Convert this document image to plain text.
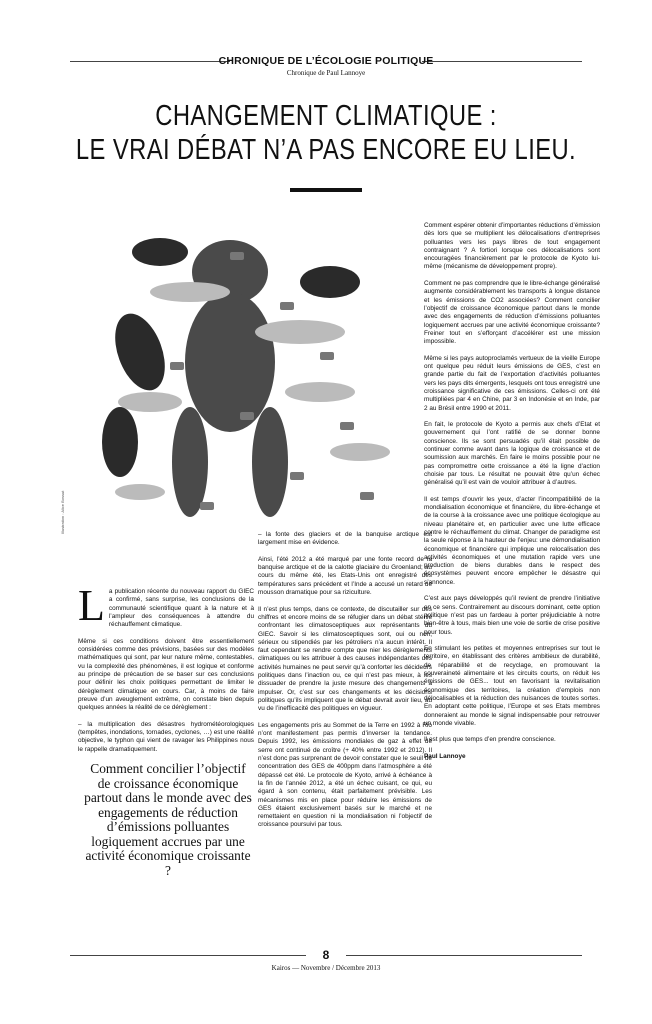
CHRONIQUE DE L’ÉCOLOGIE POLITIQUE
Chronique de Paul Lannoye
CHANGEMENT CLIMATIQUE :
LE VRAI DÉBAT N’A PAS ENCORE EU LIEU.
Illustration : Alice Bossut

La publication récente du nouveau rapport du GIEC a confirmé, sans surprise, les conclusions de la communauté scientifique quant à la nature et à l’ampleur des conséquences à attendre du réchauffement climatique.

Même si ces conditions doivent être essentiellement considérées comme des prévisions, basées sur des modèles mathématiques qui sont, par leur nature même, contestables, vu la complexité des phénomènes, il est logique et conforme au principe de précaution de se baser sur ces conclusions pour définir les choix politiques permettant de limiter le dérèglement climatique en cours. Car, à moins de faire preuve d’un aveuglement extrême, on constate bien depuis quelques années la réalité de ce dérèglement :

– la multiplication des désastres hydrométéorologiques (tempêtes, inondations, tornades, cyclones, …) est une réalité objective, le typhon qui vient de ravager les Philippines nous le rappelle dramatiquement.

Comment concilier l’objectif de croissance économique partout dans le monde avec des engagements de réduction d’émissions polluantes logiquement accrues par une activité économique croissante ?

– la fonte des glaciers et de la banquise arctique est largement mise en évidence.

Ainsi, l’été 2012 a été marqué par une fonte record de la banquise arctique et de la calotte glaciaire du Groenland; au cours du même été, les Etats-Unis ont enregistré des températures sans précédent et l’Inde a accusé un retard de mousson dramatique pour sa riziculture.

Il n’est plus temps, dans ce contexte, de discutailler sur des chiffres et encore moins de se réfugier dans un débat stérile confrontant les climatosceptiques aux représentants du GIEC. Savoir si les climatosceptiques sont, oui ou non, sérieux ou stipendiés par les pétroliers n’a aucun intérêt. Il faut cependant se rendre compte que nier les dérèglements climatiques ou les attribuer à des causes indépendantes des activités humaines ne peut servir qu’à conforter les décideurs politiques dans l’inaction ou, ce qui n’est pas mieux, à les dissuader de prendre la juste mesure des changements à impulser. Or, c’est sur ces changements et les décisions politiques qu’ils impliquent que le débat devrait avoir lieu, au vu de l’inefficacité des politiques en vigueur.

Les engagements pris au Sommet de la Terre en 1992 à Rio n’ont manifestement pas permis d’inverser la tendance. Depuis 1992, les émissions mondiales de gaz à effet de serre ont continué de croître (+ 40% entre 1992 et 2012). Il n’est donc pas surprenant de devoir constater que le seuil de concentration des GES de 400ppm dans l’atmosphère a été dépassé cet été. Le protocole de Kyoto, arrivé à échéance à la fin de l’année 2012, a été un échec cuisant, ce qui, eu égard à son contenu, était parfaitement prévisible. Les mécanismes mis en place pour réduire les émissions de GES étaient exclusivement basés sur le marché et ne remettaient en question ni la mondialisation ni l’objectif de croissance poursuivi par tous.

Comment espérer obtenir d’importantes réductions d’émission dès lors que se multiplient les délocalisations d’entreprises polluantes vers les pays libres de tout engagement contraignant ? A fortiori lorsque ces délocalisations sont encouragées financièrement par le protocole de Kyoto lui-même (mécanisme de développement propre).

Comment ne pas comprendre que le libre-échange généralisé augmente considérablement les transports à longue distance et les émissions de CO2 associées? Comment concilier l’objectif de croissance économique partout dans le monde avec des engagements de réduction d’émissions polluantes logiquement accrues par une activité économique croissante? Freiner tout en s’efforçant d’accélérer est une mission impossible.

Même si les pays autoproclamés vertueux de la vieille Europe ont quelque peu réduit leurs émissions de GES, c’est en grande partie du fait de l’exportation d’activités polluantes vers les pays dits émergents, lesquels ont tous enregistré une croissance significative de ces émissions. Celles-ci ont été multipliées par 4 en Chine, par 3 en Indonésie et en Inde, par 2 au Brésil entre 1990 et 2011.

En fait, le protocole de Kyoto a permis aux chefs d’Etat et gouvernement qui l’ont ratifié de se donner bonne conscience. Ils se sont persuadés qu’il était possible de continuer comme avant dans la logique de croissance et de soumission aux marchés. En faire le moins possible pour ne pas compromettre cette croissance a été la ligne d’action choisie par tous. Le résultat ne pouvait être qu’un échec généralisé qu’il est vain de vouloir attribuer à d’autres.

Il est temps d’ouvrir les yeux, d’acter l’incompatibilité de la mondialisation économique et financière, du libre-échange et de la course à la croissance avec une politique écologique au niveau planétaire et, en particulier avec une lutte efficace contre le réchauffement du climat. Changer de paradigme est la seule réponse à la hauteur de l’enjeu: une démondialisation économique et financière qui implique une relocalisation des activités économiques et une mutation rapide vers une production de biens durables dans le respect des écosystèmes peuvent encore empêcher le désastre qui s’annonce.

C’est aux pays développés qu’il revient de prendre l’initiative en ce sens. Contrairement au discours dominant, cette option politique n’est pas un fardeau à porter préjudiciable à notre bien-être à tous, mais bien une voie de sortie de crise positive pour tous.

En stimulant les petites et moyennes entreprises sur tout le territoire, en établissant des critères ambitieux de durabilité, de réparabilité et de recyclage, en promouvant la souveraineté alimentaire et les circuits courts, on réduit les émissions de GES... tout en favorisant la revitalisation économique des territoires, la création d’emplois non délocalisables et la réduction des nuisances de toutes sortes. En adoptant cette politique, l’Europe et ses Etats membres donneraient au monde le signal indispensable pour retrouver un monde vivable.

Il est plus que temps d’en prendre conscience.

Paul Lannoye

8
Kairos — Novembre / Décembre 2013
